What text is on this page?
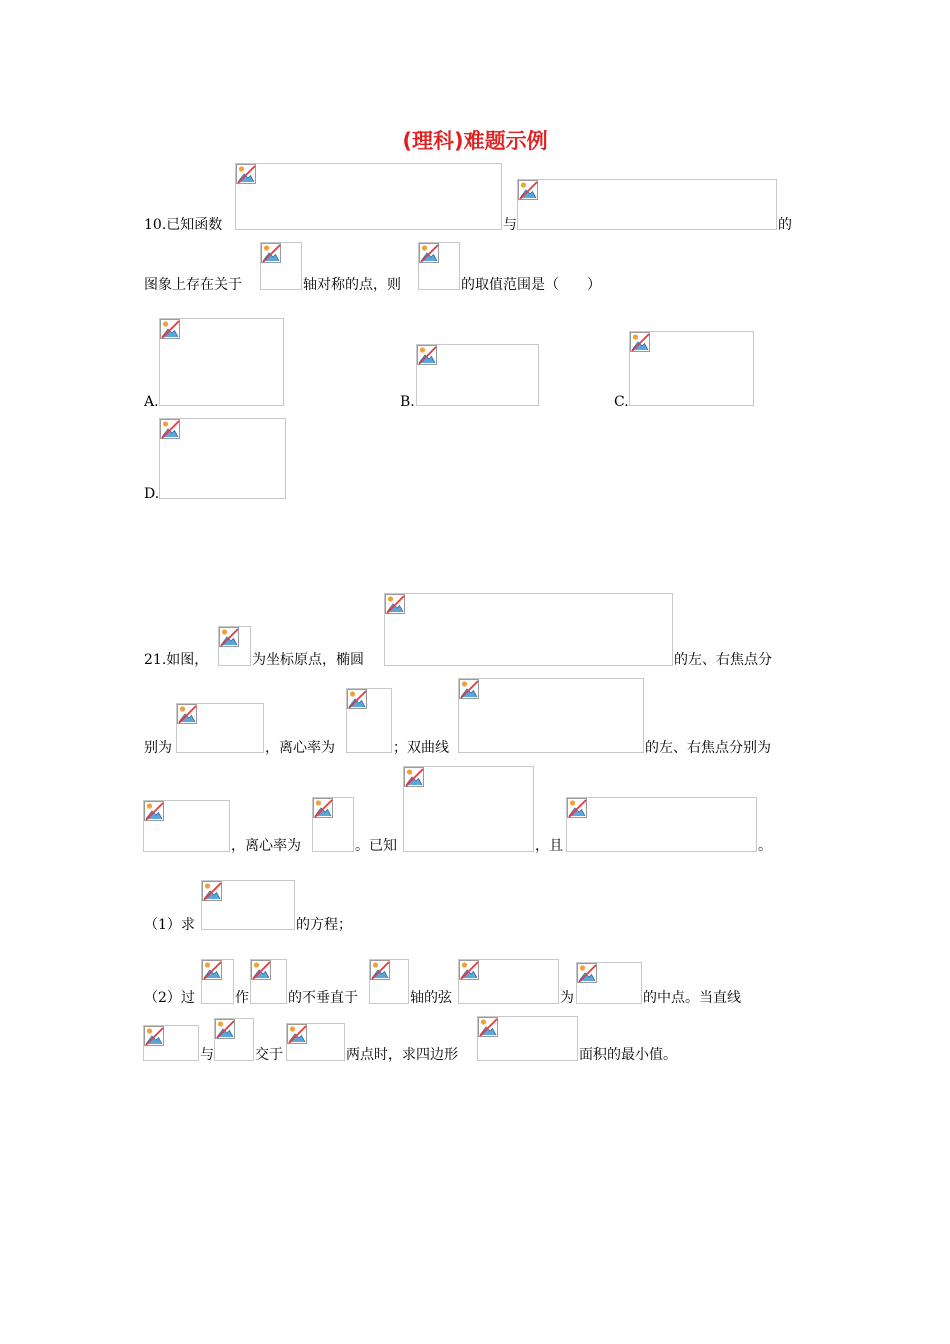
(理科)难题示例
10.已知函数	与	的
图象上存在关于	轴对称的点，则	的取值范围是（　　）
A.	B.	C.
D.
21.如图，	为坐标原点，椭圆	的左、右焦点分
别为	，离心率为	；双曲线	的左、右焦点分别为
，离心率为	。已知	，且	。
（1）求	的方程；
（2）过	作	的不垂直于	轴的弦	为	的中点。当直线
与	交于	两点时，求四边形	面积的最小值。
